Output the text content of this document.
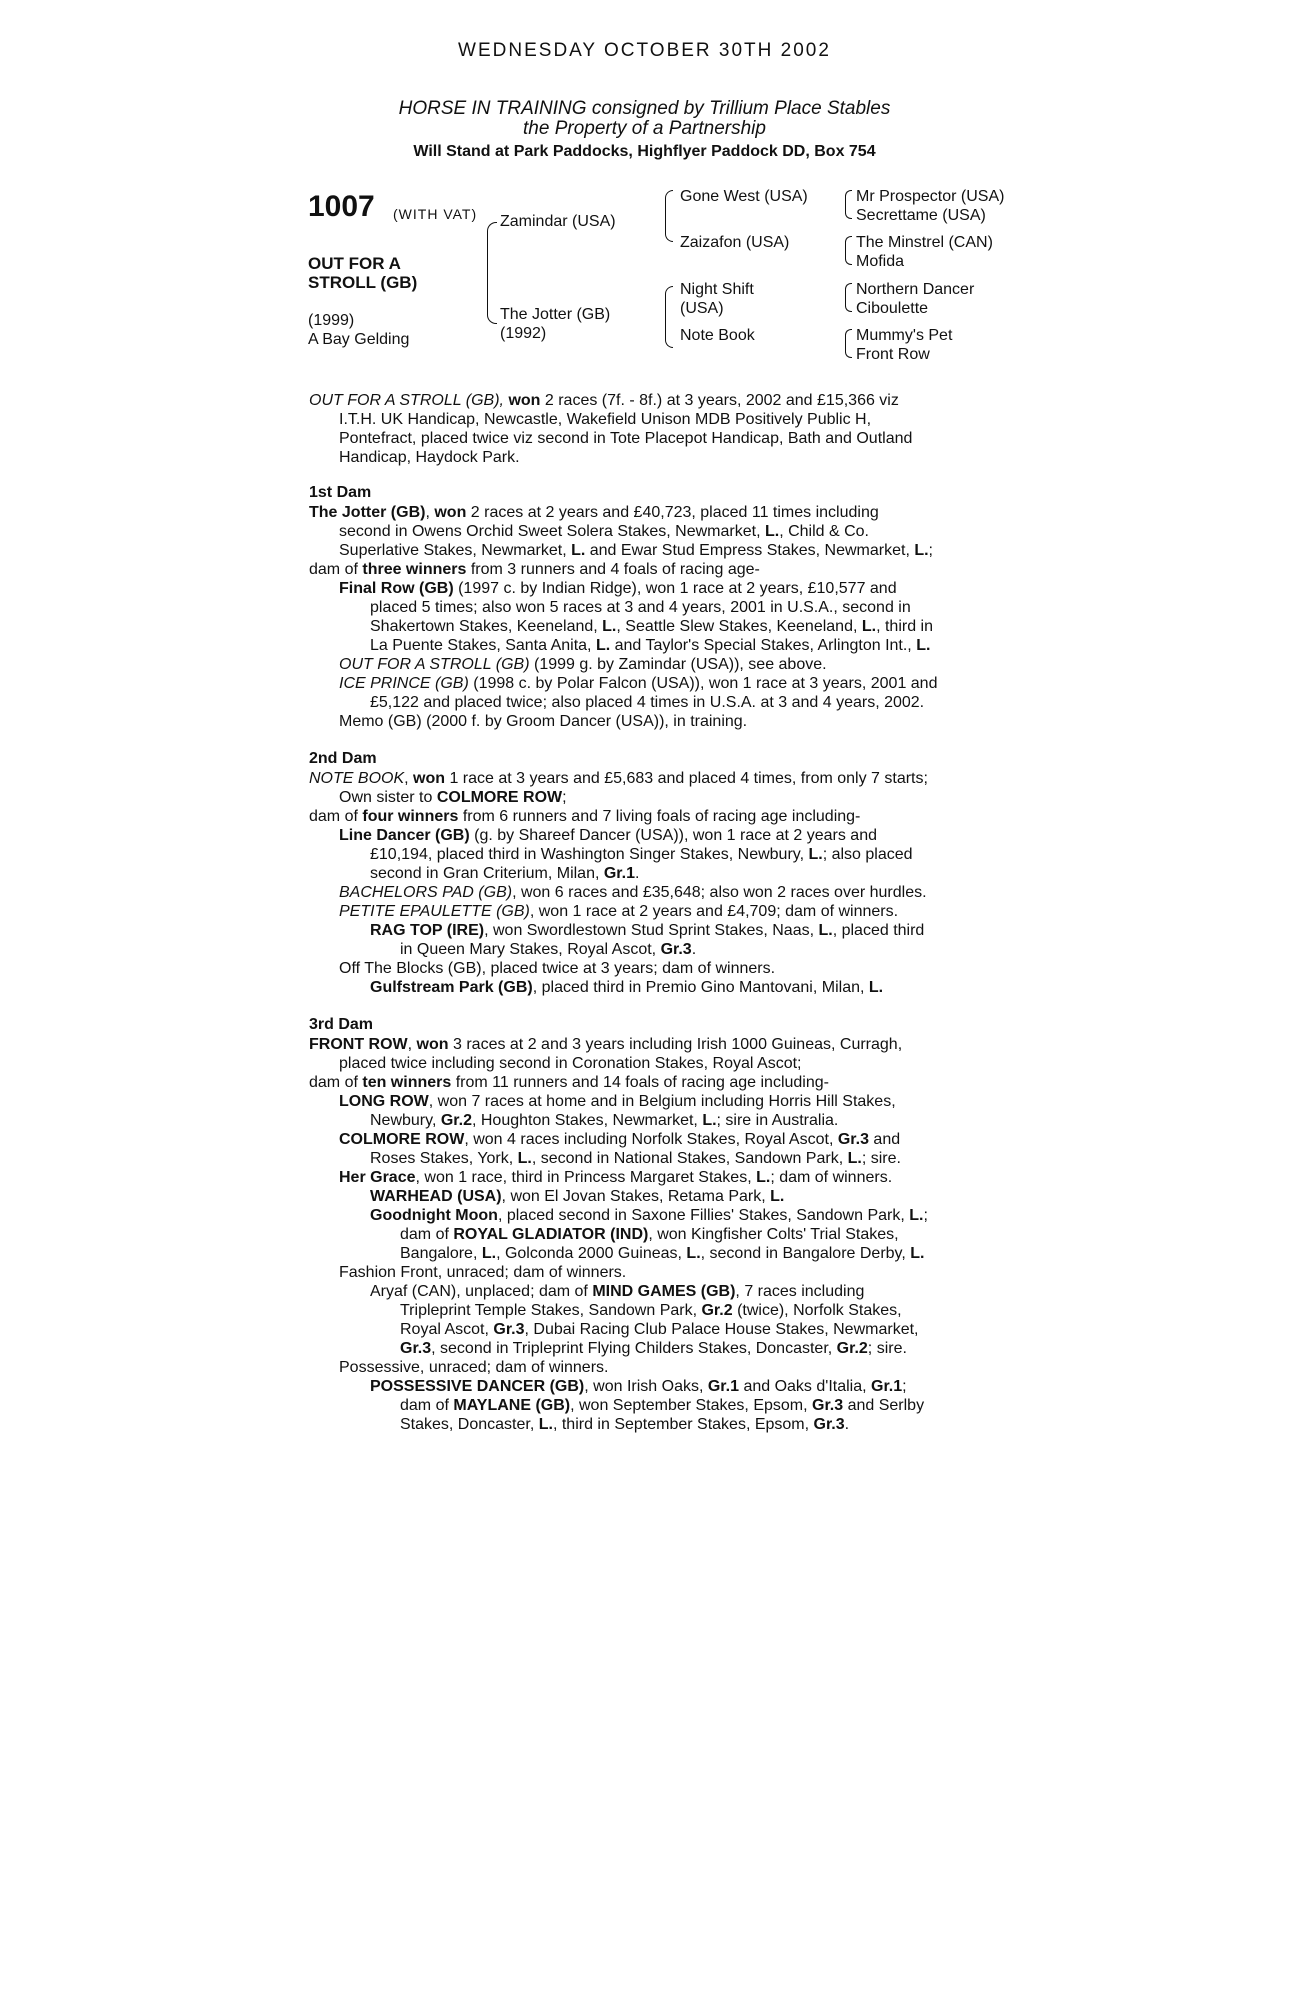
WEDNESDAY OCTOBER 30TH 2002
HORSE IN TRAINING consigned by Trillium Place Stables
the Property of a Partnership
Will Stand at Park Paddocks, Highflyer Paddock DD, Box 754
1007 (WITH VAT)
OUT FOR A STROLL (GB)
(1999)
A Bay Gelding
Zamindar (USA)
The Jotter (GB)
(1992)
Gone West (USA)
Zaizafon (USA)
Night Shift
(USA)
Note Book
Mr Prospector (USA)
Secrettame (USA)
The Minstrel (CAN)
Mofida
Northern Dancer
Ciboulette
Mummy's Pet
Front Row
OUT FOR A STROLL (GB), won 2 races (7f. - 8f.) at 3 years, 2002 and £15,366 viz
I.T.H. UK Handicap, Newcastle, Wakefield Unison MDB Positively Public H,
Pontefract, placed twice viz second in Tote Placepot Handicap, Bath and Outland
Handicap, Haydock Park.
1st Dam
The Jotter (GB), won 2 races at 2 years and £40,723, placed 11 times including
second in Owens Orchid Sweet Solera Stakes, Newmarket, L., Child & Co.
Superlative Stakes, Newmarket, L. and Ewar Stud Empress Stakes, Newmarket, L.;
dam of three winners from 3 runners and 4 foals of racing age-
Final Row (GB) (1997 c. by Indian Ridge), won 1 race at 2 years, £10,577 and
placed 5 times; also won 5 races at 3 and 4 years, 2001 in U.S.A., second in
Shakertown Stakes, Keeneland, L., Seattle Slew Stakes, Keeneland, L., third in
La Puente Stakes, Santa Anita, L. and Taylor's Special Stakes, Arlington Int., L.
OUT FOR A STROLL (GB) (1999 g. by Zamindar (USA)), see above.
ICE PRINCE (GB) (1998 c. by Polar Falcon (USA)), won 1 race at 3 years, 2001 and
£5,122 and placed twice; also placed 4 times in U.S.A. at 3 and 4 years, 2002.
Memo (GB) (2000 f. by Groom Dancer (USA)), in training.
2nd Dam
NOTE BOOK, won 1 race at 3 years and £5,683 and placed 4 times, from only 7 starts;
Own sister to COLMORE ROW;
dam of four winners from 6 runners and 7 living foals of racing age including-
Line Dancer (GB) (g. by Shareef Dancer (USA)), won 1 race at 2 years and
£10,194, placed third in Washington Singer Stakes, Newbury, L.; also placed
second in Gran Criterium, Milan, Gr.1.
BACHELORS PAD (GB), won 6 races and £35,648; also won 2 races over hurdles.
PETITE EPAULETTE (GB), won 1 race at 2 years and £4,709; dam of winners.
RAG TOP (IRE), won Swordlestown Stud Sprint Stakes, Naas, L., placed third
in Queen Mary Stakes, Royal Ascot, Gr.3.
Off The Blocks (GB), placed twice at 3 years; dam of winners.
Gulfstream Park (GB), placed third in Premio Gino Mantovani, Milan, L.
3rd Dam
FRONT ROW, won 3 races at 2 and 3 years including Irish 1000 Guineas, Curragh,
placed twice including second in Coronation Stakes, Royal Ascot;
dam of ten winners from 11 runners and 14 foals of racing age including-
LONG ROW, won 7 races at home and in Belgium including Horris Hill Stakes,
Newbury, Gr.2, Houghton Stakes, Newmarket, L.; sire in Australia.
COLMORE ROW, won 4 races including Norfolk Stakes, Royal Ascot, Gr.3 and
Roses Stakes, York, L., second in National Stakes, Sandown Park, L.; sire.
Her Grace, won 1 race, third in Princess Margaret Stakes, L.; dam of winners.
WARHEAD (USA), won El Jovan Stakes, Retama Park, L.
Goodnight Moon, placed second in Saxone Fillies' Stakes, Sandown Park, L.;
dam of ROYAL GLADIATOR (IND), won Kingfisher Colts' Trial Stakes,
Bangalore, L., Golconda 2000 Guineas, L., second in Bangalore Derby, L.
Fashion Front, unraced; dam of winners.
Aryaf (CAN), unplaced; dam of MIND GAMES (GB), 7 races including
Tripleprint Temple Stakes, Sandown Park, Gr.2 (twice), Norfolk Stakes,
Royal Ascot, Gr.3, Dubai Racing Club Palace House Stakes, Newmarket,
Gr.3, second in Tripleprint Flying Childers Stakes, Doncaster, Gr.2; sire.
Possessive, unraced; dam of winners.
POSSESSIVE DANCER (GB), won Irish Oaks, Gr.1 and Oaks d'Italia, Gr.1;
dam of MAYLANE (GB), won September Stakes, Epsom, Gr.3 and Serlby
Stakes, Doncaster, L., third in September Stakes, Epsom, Gr.3.
